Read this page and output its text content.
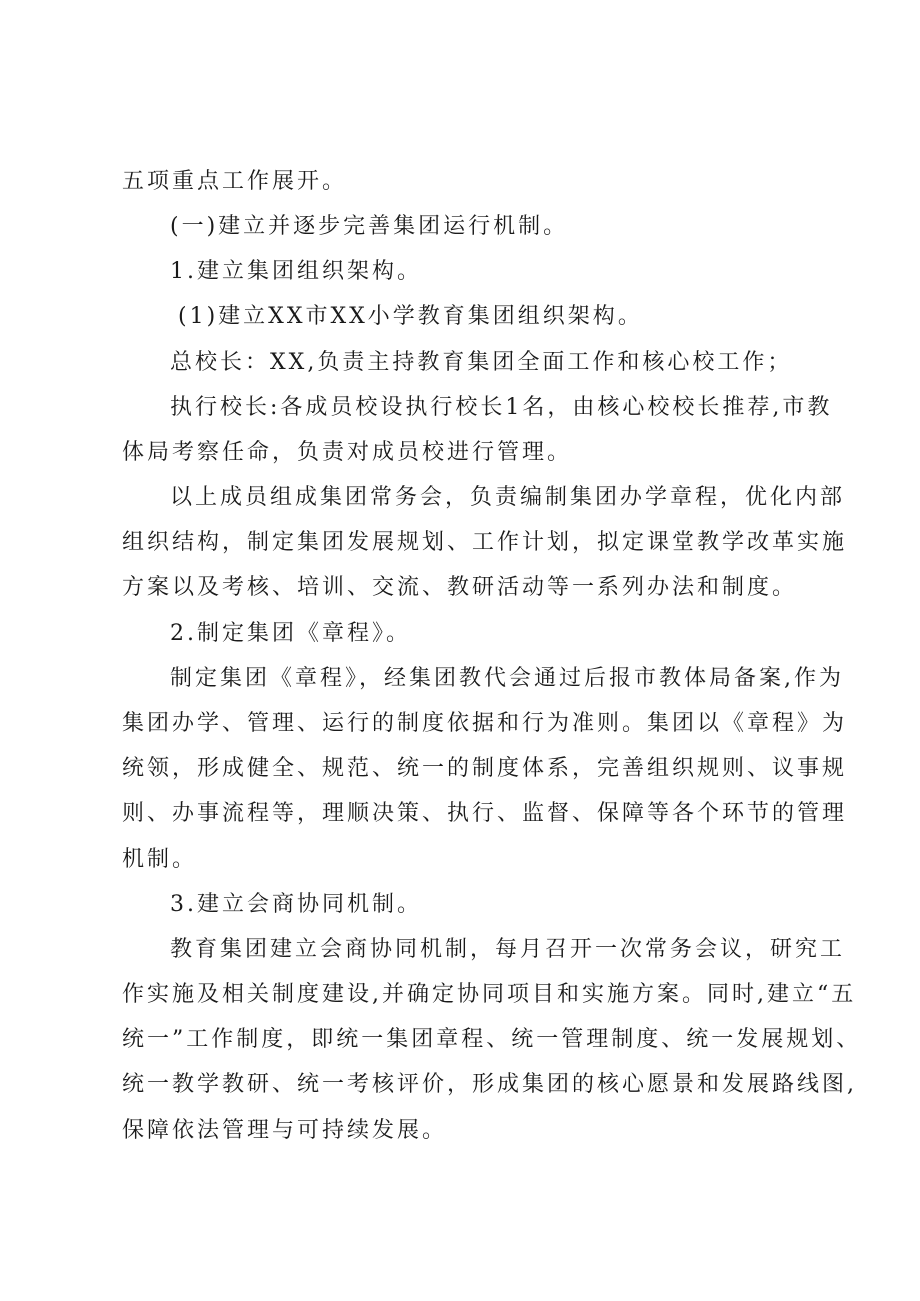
五项重点工作展开。
(一)建立并逐步完善集团运行机制。
1.建立集团组织架构。
(1)建立XX市XX小学教育集团组织架构。
总校长：XX,负责主持教育集团全面工作和核心校工作；
执行校长:各成员校设执行校长1名，由核心校校长推荐,市教
体局考察任命，负责对成员校进行管理。
以上成员组成集团常务会，负责编制集团办学章程，优化内部
组织结构，制定集团发展规划、工作计划，拟定课堂教学改革实施
方案以及考核、培训、交流、教研活动等一系列办法和制度。
2.制定集团《章程》。
制定集团《章程》，经集团教代会通过后报市教体局备案,作为
集团办学、管理、运行的制度依据和行为准则。集团以《章程》为
统领，形成健全、规范、统一的制度体系，完善组织规则、议事规
则、办事流程等，理顺决策、执行、监督、保障等各个环节的管理
机制。
3.建立会商协同机制。
教育集团建立会商协同机制，每月召开一次常务会议，研究工
作实施及相关制度建设,并确定协同项目和实施方案。同时,建立“五
统一”工作制度，即统一集团章程、统一管理制度、统一发展规划、
统一教学教研、统一考核评价，形成集团的核心愿景和发展路线图,
保障依法管理与可持续发展。
